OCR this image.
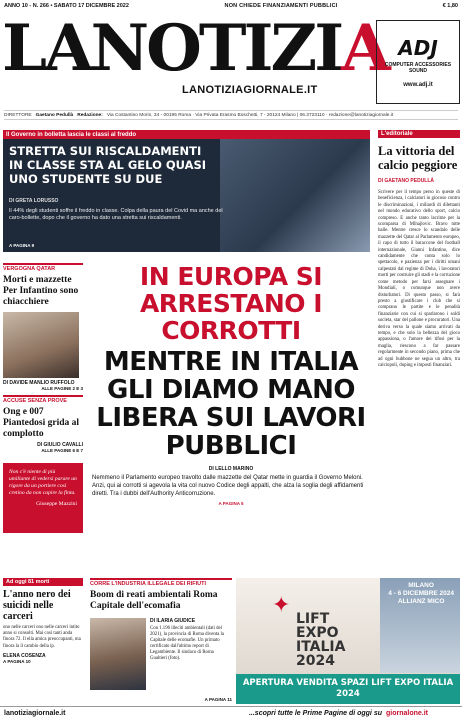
ANNO 10 - N. 266 • SABATO 17 DICEMBRE 2022	NON CHIEDE FINANZIAMENTI PUBBLICI	€ 1,80
LANOTIZIA
LANOTIZIAGIORNALE.IT
ADJ
COMPUTER ACCESSORIES SOUND
www.adj.it
DIRETTORE Gaetano Pedullà Redazione: Via Costantino Morin, 34 - 00195 Roma · Via Privata Erasmo Boschetti, 7 - 20124 Milano | 06.3723110 · redazione@lanotiziagiornale.it
Il Governo in bolletta lascia le classi al freddo
STRETTA SUI RISCALDAMENTI IN CLASSE STA AL GELO QUASI UNO STUDENTE SU DUE
DI GRETA LORUSSO
Il 44% degli studenti soffre il freddo in classe. Colpa della paura del Covid ma anche del caro-bollette, dopo che il governo ha dato una stretta sui riscaldamenti.
A PAGINA 9
L'editoriale
La vittoria del calcio peggiore
DI GAETANO PEDULLÀ
Scrivere per il tempo perso in queste di beneficienza, i calciatori in giocoso contro le discriminazioni, i miliardi di dilettanti nel mondo educativo dello sport, calcio compreso. E anche tanto lacrime per la scomparsa di Mihajlovic. Bravo tutte balle. Mentre cresce lo scandalo delle mazzette del Qatar al Parlamento europeo, il capo di tutto il baraccone del football internazionale, Gianni Infantino, dice candidamente che conta solo lo spettacolo, e pazienza per i diritti umani calpestati dal regime di Doha, i lavoratori morti per costruire gli stadi e la corruzione come metodo per farsi assegnare i Mondiali, o comunque non avere disturbatori. Di questo passo, si farà presto a giustificare i club che si comprano le partite e le penalità finanziarie con cui si sparlarono i soldi societa, star del pallone e procuratori. Una deriva verso la quale siamo arrivati da tempo, e che solo la bellezza del gioco appassiona, o l'amore dei tifosi per la maglia, riescono a far passare regolarmente in secondo piano, prima che ad ogni bubbone ne segua un altro, tra calciopoli, doping e imposti finanziari.
VERGOGNA QATAR
Morti e mazzette Per Infantino sono chiacchiere
DI DAVIDE MANLIO RUFFOLO
ALLE PAGINE 2 E 3
ACCUSE SENZA PROVE
Ong e 007 Piantedosi grida al complotto
DI GIULIO CAVALLI
ALLE PAGINE 6 E 7
Non c'è niente di più umiliante di vedersi parare un rigore da un portiere così cretino da non capire la finta.
Giuseppe Mazzini
IN EUROPA SI ARRESTANO I CORROTTI
MENTRE IN ITALIA GLI DIAMO MANO LIBERA SUI LAVORI PUBBLICI
DI LELLO MARINO
Nemmeno il Parlamento europeo travolto dalle mazzette del Qatar mette in guardia il Governo Meloni. Anzi, qui ai corrotti si agevola la vita col nuovo Codice degli appalti, che alza la soglia degli affidamenti diretti. Tra i dubbi dell'Authority Anticorruzione.
A PAGINA 5
Ad oggi 81 morti
L'anno nero dei suicidi nelle carceri
ono nelle carceri ono nelle carceri intito anno si consolti. Mai così tanti anda finora 72. Il ella amica preoccupanti, ma finora la il cambio della ip.
ELENA COSENZA
A PAGINA 10
CORRE L'INDUSTRIA ILLEGALE DEI RIFIUTI
Boom di reati ambientali Roma Capitale dell'ecomafia
DI ILARIA GIUDICE
Con 1.196 illeciti ambientali (dati del 2021), la provincia di Roma diventa la Capitale delle ecomafie. Un primato certificato dall'ultimo report di Legambiente. Il sindaco di Roma Gualtieri (foto).
A PAGINA 11
MILANO
4 - 6 DICEMBRE 2024
ALLIANZ MICO
✦
LIFT
EXPO
ITALIA
2024
APERTURA VENDITA SPAZI LIFT EXPO ITALIA 2024
lanotiziagiornale.it	...scopri tutte le Prime Pagine di oggi su giornalone.it
